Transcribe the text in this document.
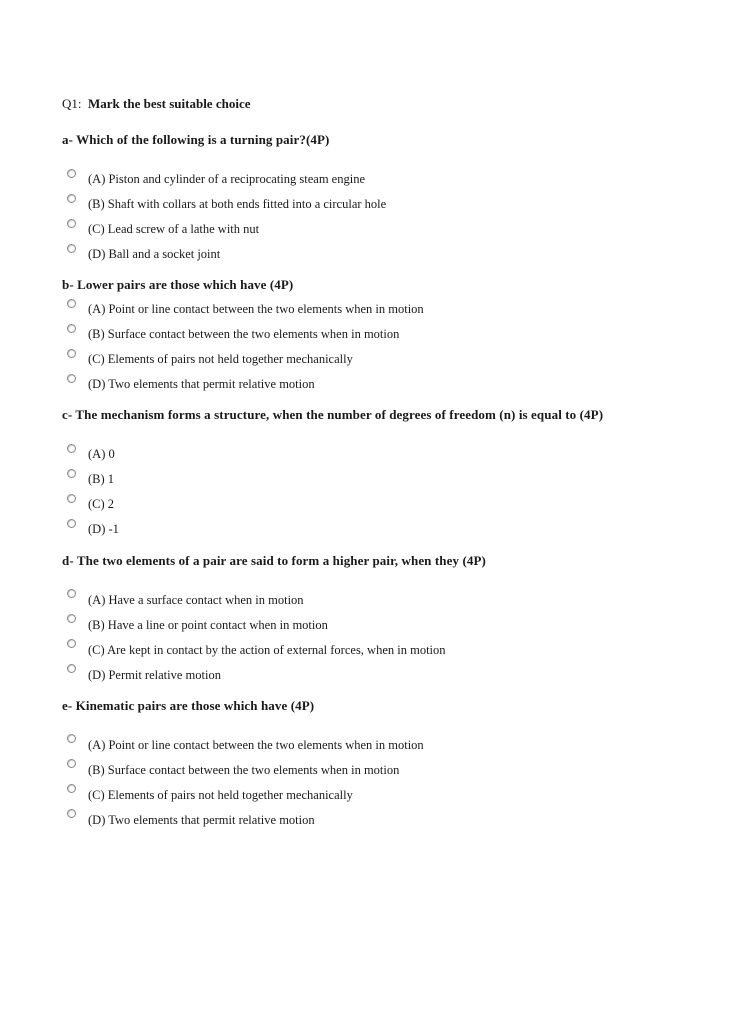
Q1: Mark the best suitable choice
a- Which of the following is a turning pair?(4P)
(A) Piston and cylinder of a reciprocating steam engine
(B) Shaft with collars at both ends fitted into a circular hole
(C) Lead screw of a lathe with nut
(D) Ball and a socket joint
b- Lower pairs are those which have (4P)
(A) Point or line contact between the two elements when in motion
(B) Surface contact between the two elements when in motion
(C) Elements of pairs not held together mechanically
(D) Two elements that permit relative motion
c- The mechanism forms a structure, when the number of degrees of freedom (n) is equal to (4P)
(A) 0
(B) 1
(C) 2
(D) -1
d- The two elements of a pair are said to form a higher pair, when they (4P)
(A) Have a surface contact when in motion
(B) Have a line or point contact when in motion
(C) Are kept in contact by the action of external forces, when in motion
(D) Permit relative motion
e- Kinematic pairs are those which have (4P)
(A) Point or line contact between the two elements when in motion
(B) Surface contact between the two elements when in motion
(C) Elements of pairs not held together mechanically
(D) Two elements that permit relative motion
